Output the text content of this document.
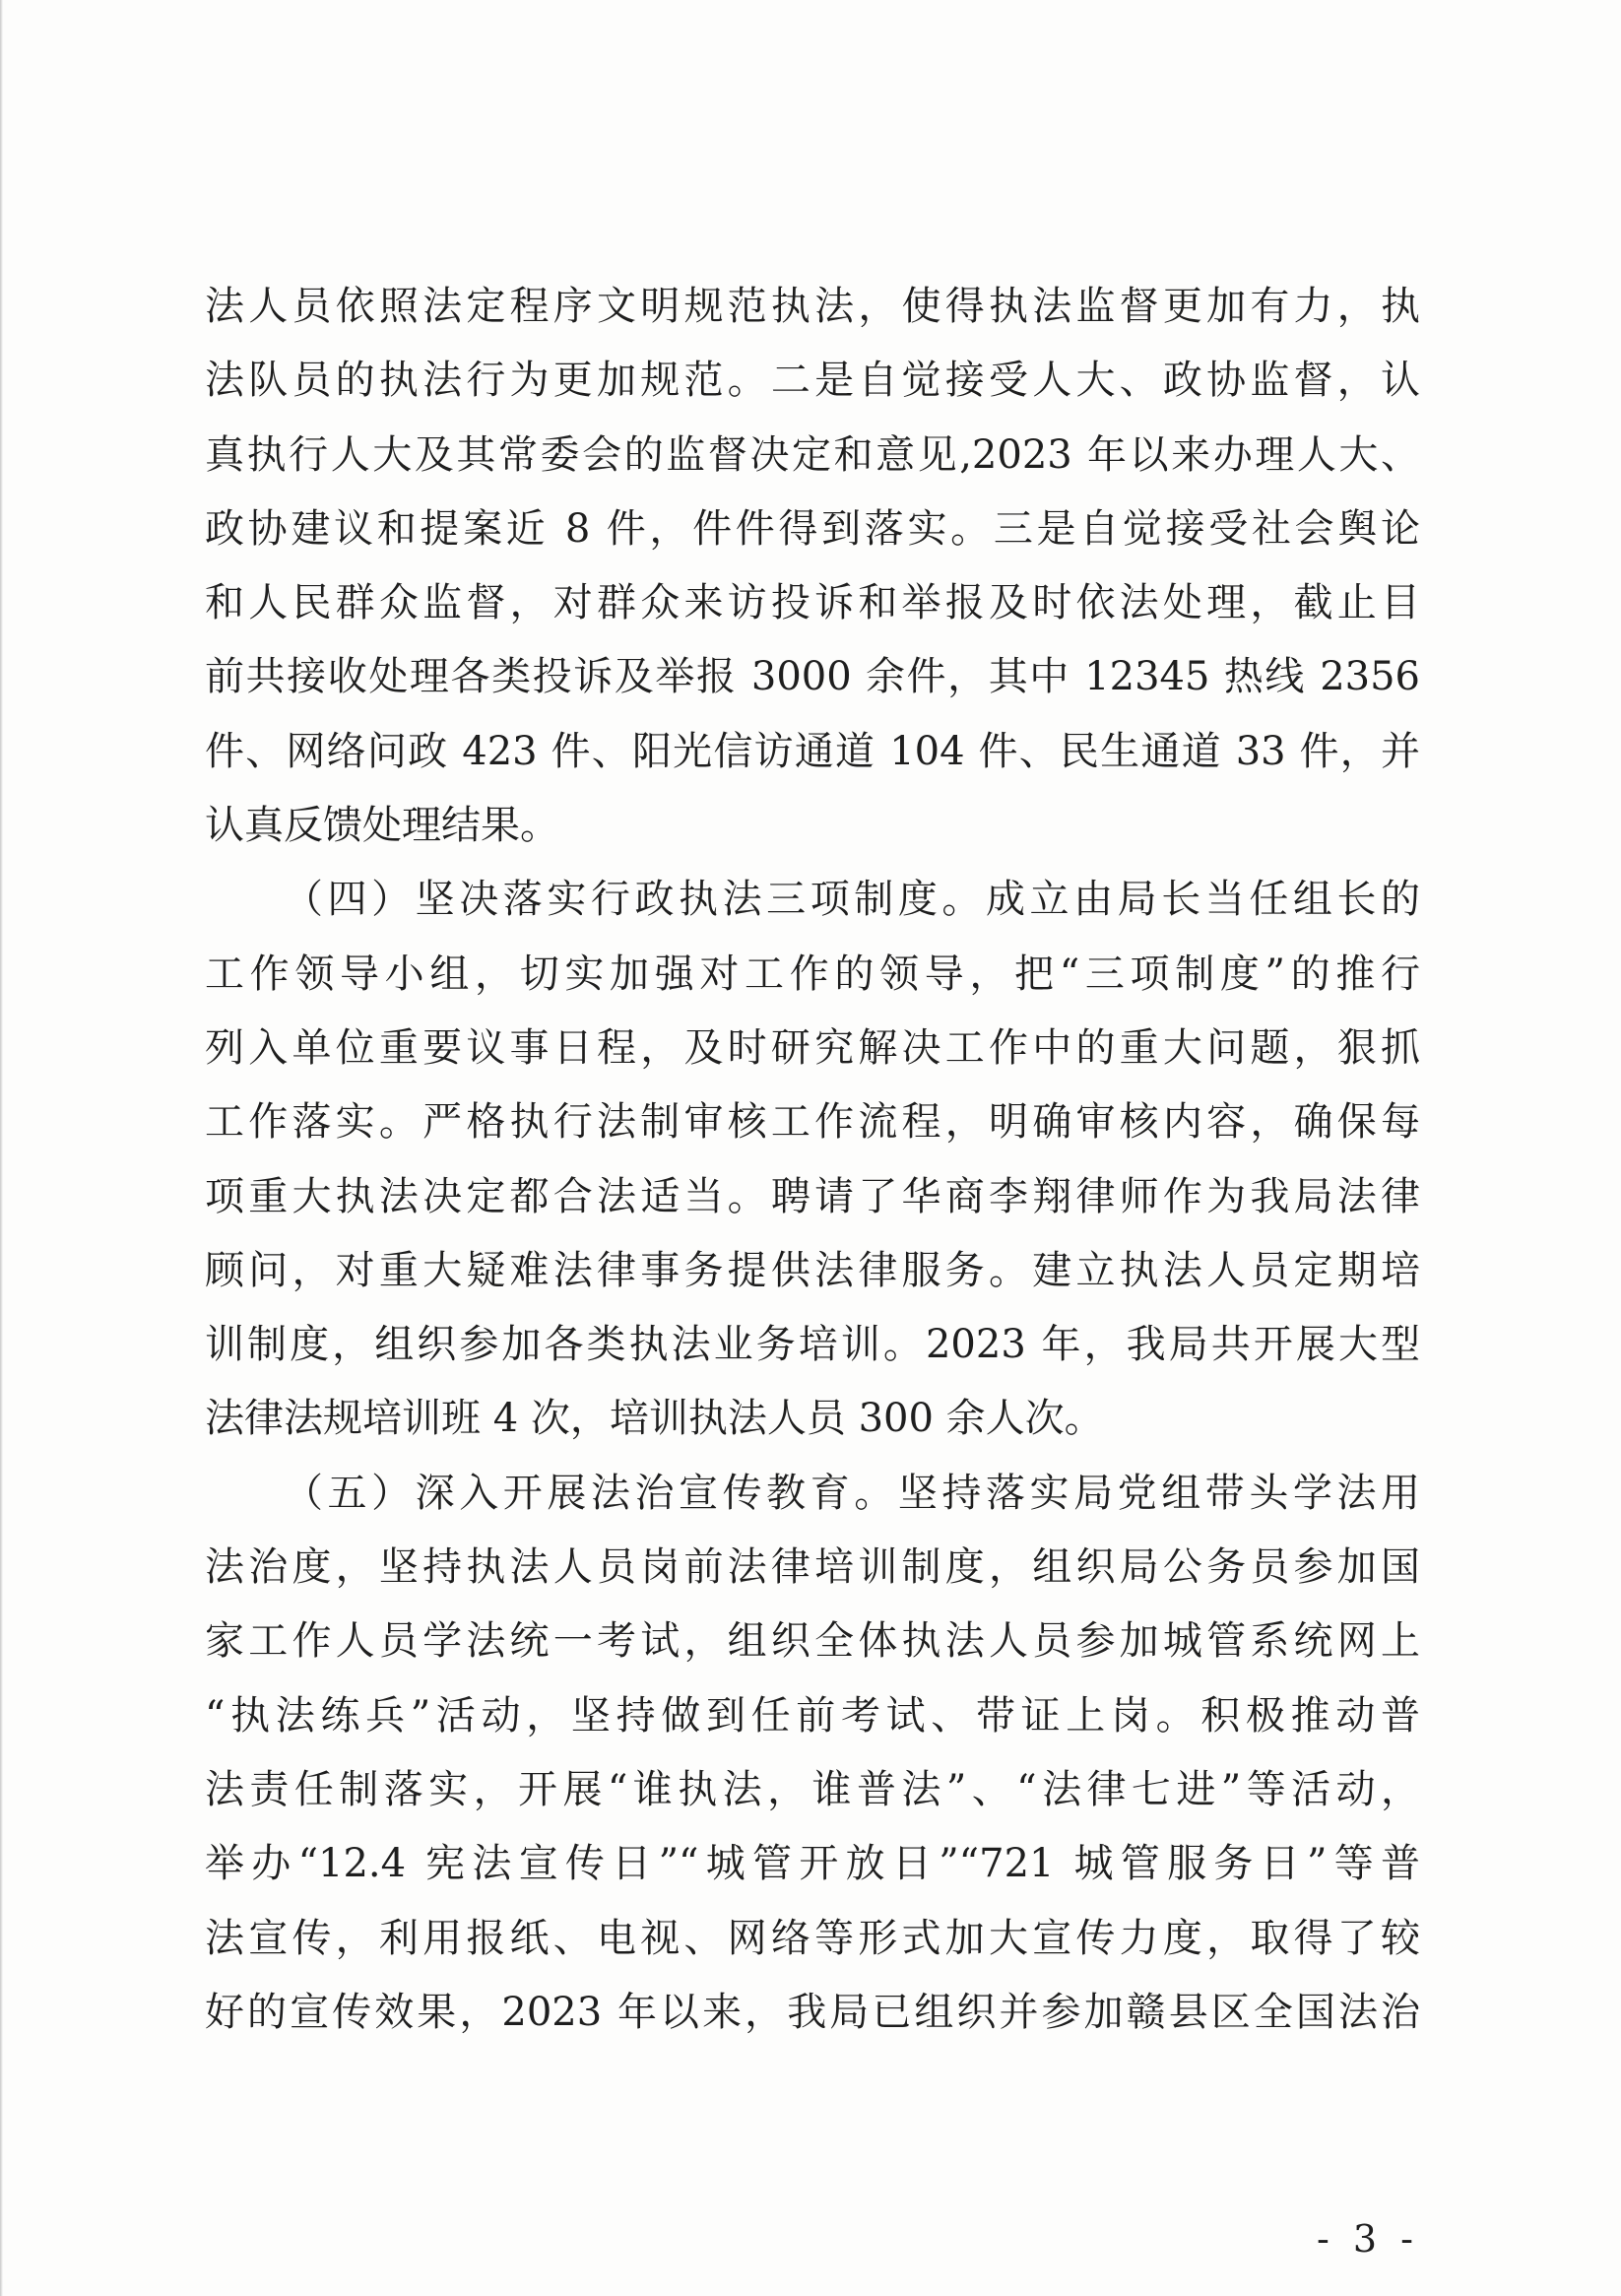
法人员依照法定程序文明规范执法，使得执法监督更加有力，执
法队员的执法行为更加规范。二是自觉接受人大、政协监督，认
真执行人大及其常委会的监督决定和意见,2023 年以来办理人大、
政协建议和提案近 8 件，件件得到落实。三是自觉接受社会舆论
和人民群众监督，对群众来访投诉和举报及时依法处理，截止目
前共接收处理各类投诉及举报 3000 余件，其中 12345 热线 2356
件、网络问政 423 件、阳光信访通道 104 件、民生通道 33 件，并
认真反馈处理结果。
（四）坚决落实行政执法三项制度。成立由局长当任组长的
工作领导小组，切实加强对工作的领导，把“三项制度”的推行
列入单位重要议事日程，及时研究解决工作中的重大问题，狠抓
工作落实。严格执行法制审核工作流程，明确审核内容，确保每
项重大执法决定都合法适当。聘请了华商李翔律师作为我局法律
顾问，对重大疑难法律事务提供法律服务。建立执法人员定期培
训制度，组织参加各类执法业务培训。2023 年，我局共开展大型
法律法规培训班 4 次，培训执法人员 300 余人次。
（五）深入开展法治宣传教育。坚持落实局党组带头学法用
法治度，坚持执法人员岗前法律培训制度，组织局公务员参加国
家工作人员学法统一考试，组织全体执法人员参加城管系统网上
“执法练兵”活动，坚持做到任前考试、带证上岗。积极推动普
法责任制落实，开展“谁执法，谁普法”、“法律七进”等活动，
举办“12.4 宪法宣传日”“城管开放日”“721 城管服务日”等普
法宣传，利用报纸、电视、网络等形式加大宣传力度，取得了较
好的宣传效果，2023 年以来，我局已组织并参加赣县区全国法治
- 3 -
